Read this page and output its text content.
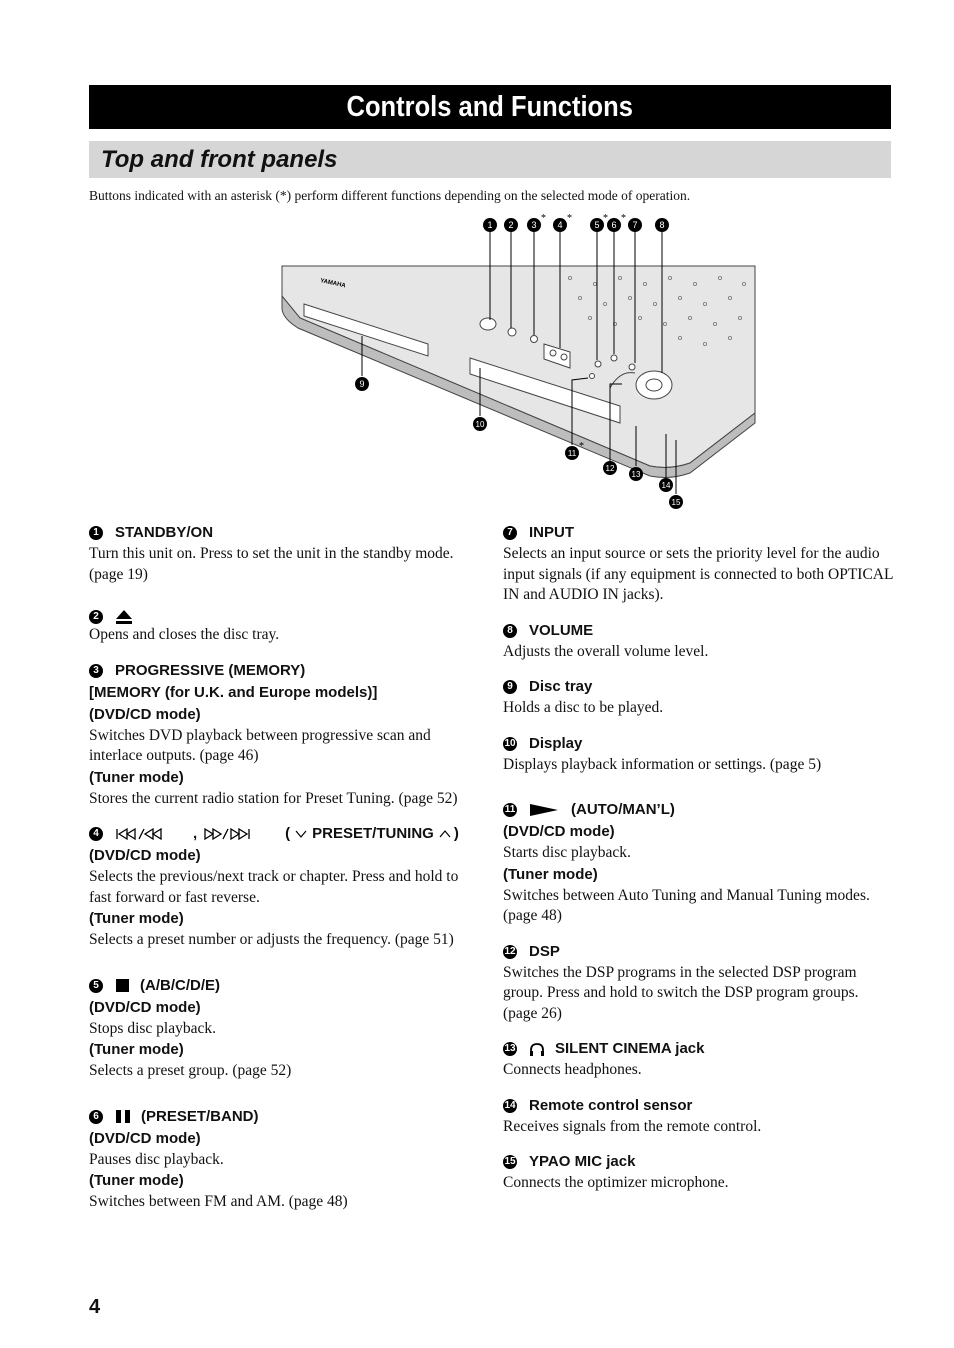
Controls and Functions
Top and front panels
Buttons indicated with an asterisk (*) perform different functions depending on the selected mode of operation.
YAMAHA
1 2 3 4	5 6 7 8
9
10
11
12
13
14
15
* *	* *
*
1 STANDBY/ON
Turn this unit on. Press to set the unit in the standby mode. (page 19)
2
Opens and closes the disc tray.
3 PROGRESSIVE (MEMORY)
[MEMORY (for U.K. and Europe models)]
(DVD/CD mode)
Switches DVD playback between progressive scan and interlace outputs. (page 46)
(Tuner mode)
Stores the current radio station for Preset Tuning. (page 52)
4	,	( PRESET/TUNING )
(DVD/CD mode)
Selects the previous/next track or chapter. Press and hold to fast forward or fast reverse.
(Tuner mode)
Selects a preset number or adjusts the frequency. (page 51)
5	(A/B/C/D/E)
(DVD/CD mode)
Stops disc playback.
(Tuner mode)
Selects a preset group. (page 52)
6	(PRESET/BAND)
(DVD/CD mode)
Pauses disc playback.
(Tuner mode)
Switches between FM and AM. (page 48)
7 INPUT
Selects an input source or sets the priority level for the audio input signals (if any equipment is connected to both OPTICAL IN and AUDIO IN jacks).
8 VOLUME
Adjusts the overall volume level.
9 Disc tray
Holds a disc to be played.
10 Display
Displays playback information or settings. (page 5)
11	(AUTO/MAN’L)
(DVD/CD mode)
Starts disc playback.
(Tuner mode)
Switches between Auto Tuning and Manual Tuning modes. (page 48)
12 DSP
Switches the DSP programs in the selected DSP program group. Press and hold to switch the DSP program groups. (page 26)
13	SILENT CINEMA jack
Connects headphones.
14 Remote control sensor
Receives signals from the remote control.
15 YPAO MIC jack
Connects the optimizer microphone.
4
